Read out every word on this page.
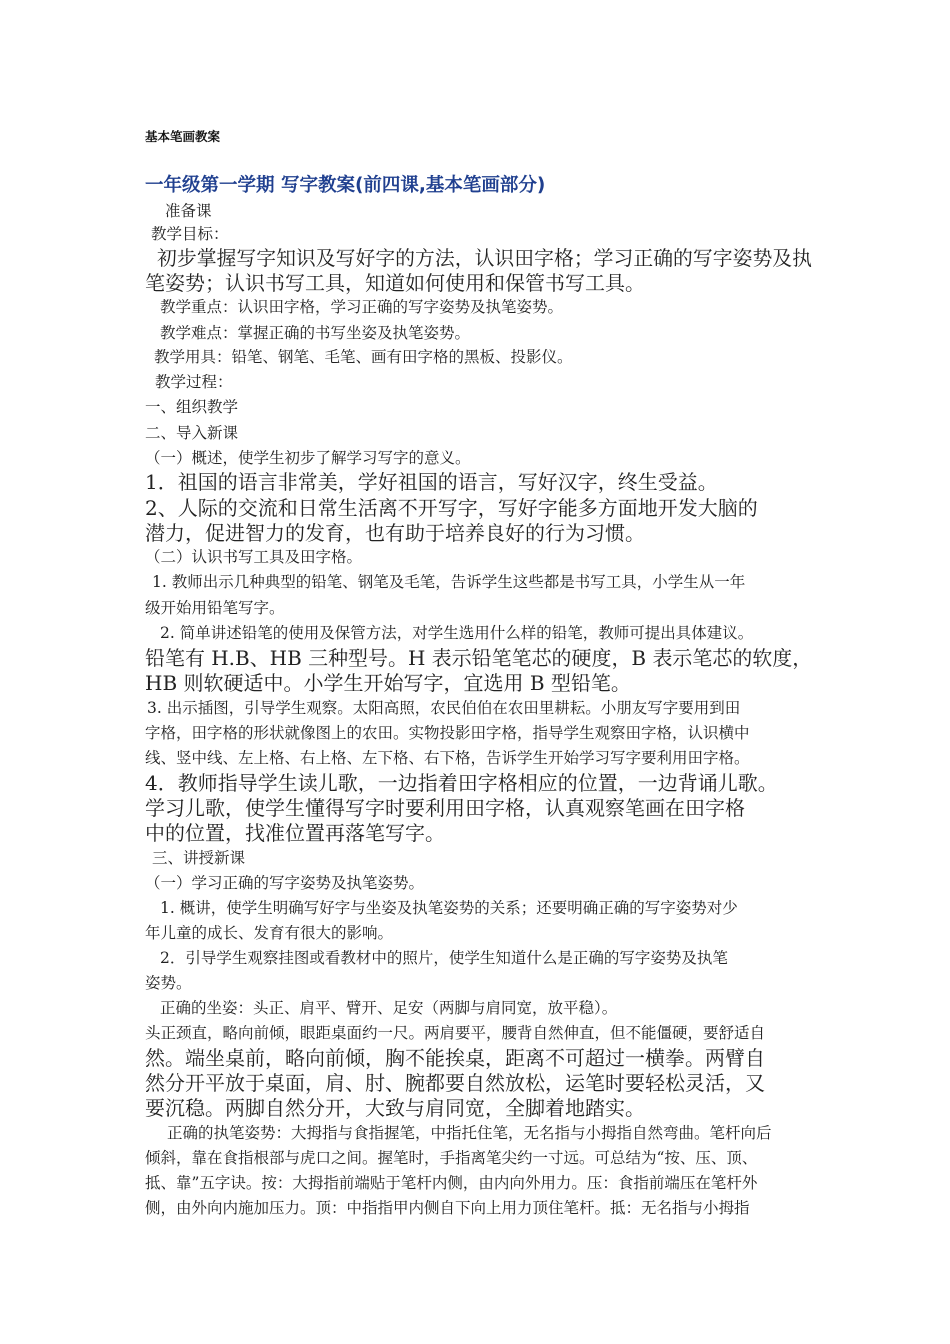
基本笔画教案
一年级第一学期 写字教案(前四课,基本笔画部分)
准备课
教学目标：
初步掌握写字知识及写好字的方法，认识田字格；学习正确的写字姿势及执
笔姿势；认识书写工具，知道如何使用和保管书写工具。
教学重点：认识田字格，学习正确的写字姿势及执笔姿势。
教学难点：掌握正确的书写坐姿及执笔姿势。
教学用具：铅笔、钢笔、毛笔、画有田字格的黑板、投影仪。
教学过程：
一、组织教学
二、导入新课
（一）概述，使学生初步了解学习写字的意义。
1．祖国的语言非常美，学好祖国的语言，写好汉字，终生受益。
2、人际的交流和日常生活离不开写字，写好字能多方面地开发大脑的
潜力，促进智力的发育，也有助于培养良好的行为习惯。
（二）认识书写工具及田字格。
1. 教师出示几种典型的铅笔、钢笔及毛笔，告诉学生这些都是书写工具，小学生从一年
级开始用铅笔写字。
2. 简单讲述铅笔的使用及保管方法，对学生选用什么样的铅笔，教师可提出具体建议。
铅笔有 H.B、HB 三种型号。H 表示铅笔笔芯的硬度，B 表示笔芯的软度，
HB 则软硬适中。小学生开始写字，宜选用 B 型铅笔。
3. 出示插图，引导学生观察。太阳高照，农民伯伯在农田里耕耘。小朋友写字要用到田
字格，田字格的形状就像图上的农田。实物投影田字格，指导学生观察田字格，认识横中
线、竖中线、左上格、右上格、左下格、右下格，告诉学生开始学习写字要利用田字格。
4．教师指导学生读儿歌，一边指着田字格相应的位置，一边背诵儿歌。
学习儿歌，使学生懂得写字时要利用田字格，认真观察笔画在田字格
中的位置，找准位置再落笔写字。
三、讲授新课
（一）学习正确的写字姿势及执笔姿势。
1. 概讲，使学生明确写好字与坐姿及执笔姿势的关系；还要明确正确的写字姿势对少
年儿童的成长、发育有很大的影响。
2．引导学生观察挂图或看教材中的照片，使学生知道什么是正确的写字姿势及执笔
姿势。
正确的坐姿：头正、肩平、臂开、足安（两脚与肩同宽，放平稳）。
头正颈直，略向前倾，眼距桌面约一尺。两肩要平，腰背自然伸直，但不能僵硬，要舒适自
然。端坐桌前，略向前倾，胸不能挨桌，距离不可超过一横拳。两臂自
然分开平放于桌面，肩、肘、腕都要自然放松，运笔时要轻松灵活，又
要沉稳。两脚自然分开，大致与肩同宽，全脚着地踏实。
正确的执笔姿势：大拇指与食指握笔，中指托住笔，无名指与小拇指自然弯曲。笔杆向后
倾斜，靠在食指根部与虎口之间。握笔时，手指离笔尖约一寸远。可总结为“按、压、顶、
抵、靠”五字诀。按：大拇指前端贴于笔杆内侧，由内向外用力。压：食指前端压在笔杆外
侧，由外向内施加压力。顶：中指指甲内侧自下向上用力顶住笔杆。抵：无名指与小拇指
